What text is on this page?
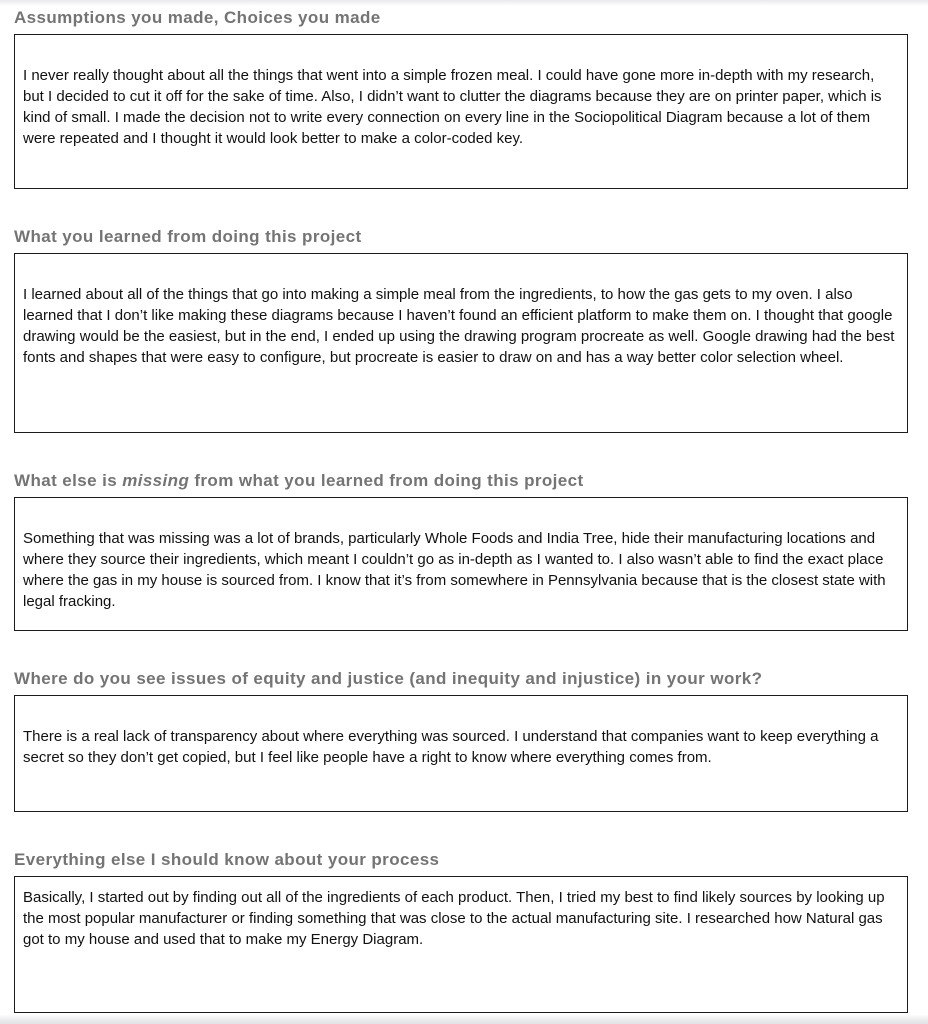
Assumptions you made, Choices you made

I never really thought about all the things that went into a simple frozen meal. I could have gone more in-depth with my research, but I decided to cut it off for the sake of time. Also, I didn’t want to clutter the diagrams because they are on printer paper, which is kind of small. I made the decision not to write every connection on every line in the Sociopolitical Diagram because a lot of them were repeated and I thought it would look better to make a color-coded key.

What you learned from doing this project

I learned about all of the things that go into making a simple meal from the ingredients, to how the gas gets to my oven. I also learned that I don’t like making these diagrams because I haven’t found an efficient platform to make them on. I thought that google drawing would be the easiest, but in the end, I ended up using the drawing program procreate as well. Google drawing had the best fonts and shapes that were easy to configure, but procreate is easier to draw on and has a way better color selection wheel.

What else is missing from what you learned from doing this project

Something that was missing was a lot of brands, particularly Whole Foods and India Tree, hide their manufacturing locations and where they source their ingredients, which meant I couldn’t go as in-depth as I wanted to. I also wasn’t able to find the exact place where the gas in my house is sourced from. I know that it’s from somewhere in Pennsylvania because that is the closest state with legal fracking.

Where do you see issues of equity and justice (and inequity and injustice) in your work?

There is a real lack of transparency about where everything was sourced. I understand that companies want to keep everything a secret so they don’t get copied, but I feel like people have a right to know where everything comes from.

Everything else I should know about your process

Basically, I started out by finding out all of the ingredients of each product. Then, I tried my best to find likely sources by looking up the most popular manufacturer or finding something that was close to the actual manufacturing site. I researched how Natural gas got to my house and used that to make my Energy Diagram.
